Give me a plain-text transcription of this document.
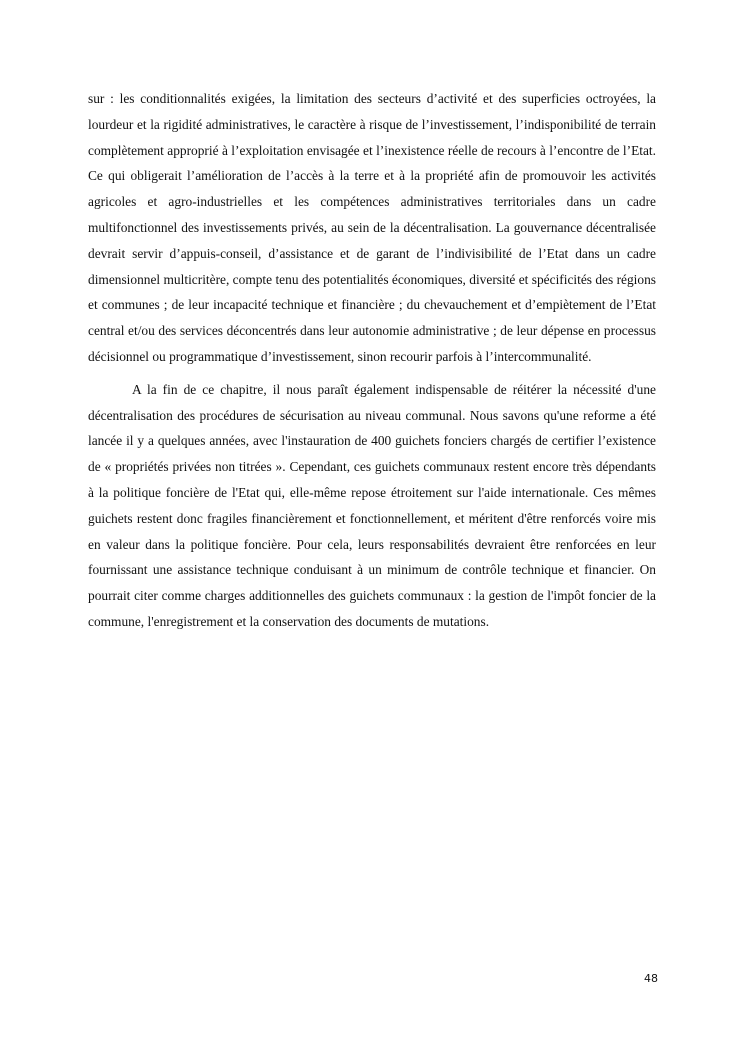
sur : les conditionnalités exigées, la limitation des secteurs d’activité et des superficies octroyées, la lourdeur et la rigidité administratives, le caractère à risque de l’investissement, l’indisponibilité de terrain complètement approprié à l’exploitation envisagée et l’inexistence réelle de recours à l’encontre de l’Etat. Ce qui obligerait l’amélioration de l’accès à la terre et à la propriété afin de promouvoir les activités agricoles et agro-industrielles et les compétences administratives territoriales dans un cadre multifonctionnel des investissements privés, au sein de la décentralisation. La gouvernance décentralisée devrait servir d’appuis-conseil, d’assistance et de garant de l’indivisibilité de l’Etat dans un cadre dimensionnel multicritère, compte tenu des potentialités économiques, diversité et spécificités des régions et communes ; de leur incapacité technique et financière ; du chevauchement et d’empiètement de l’Etat central et/ou des services déconcentrés dans leur autonomie administrative ; de leur dépense en processus décisionnel ou programmatique d’investissement, sinon recourir parfois à l’intercommunalité.

A la fin de ce chapitre, il nous paraît également indispensable de réitérer la nécessité d'une décentralisation des procédures de sécurisation au niveau communal. Nous savons qu'une reforme a été lancée il y a quelques années, avec l'instauration de 400 guichets fonciers chargés de certifier l’existence de « propriétés privées non titrées ». Cependant, ces guichets communaux restent encore très dépendants à la politique foncière de l'Etat qui, elle-même repose étroitement sur l'aide internationale. Ces mêmes guichets restent donc fragiles financièrement et fonctionnellement, et méritent d'être renforcés voire mis en valeur dans la politique foncière. Pour cela, leurs responsabilités devraient être renforcées en leur fournissant une assistance technique conduisant à un minimum de contrôle technique et financier. On pourrait citer comme charges additionnelles des guichets communaux : la gestion de l'impôt foncier de la commune, l'enregistrement et la conservation des documents de mutations.

48
